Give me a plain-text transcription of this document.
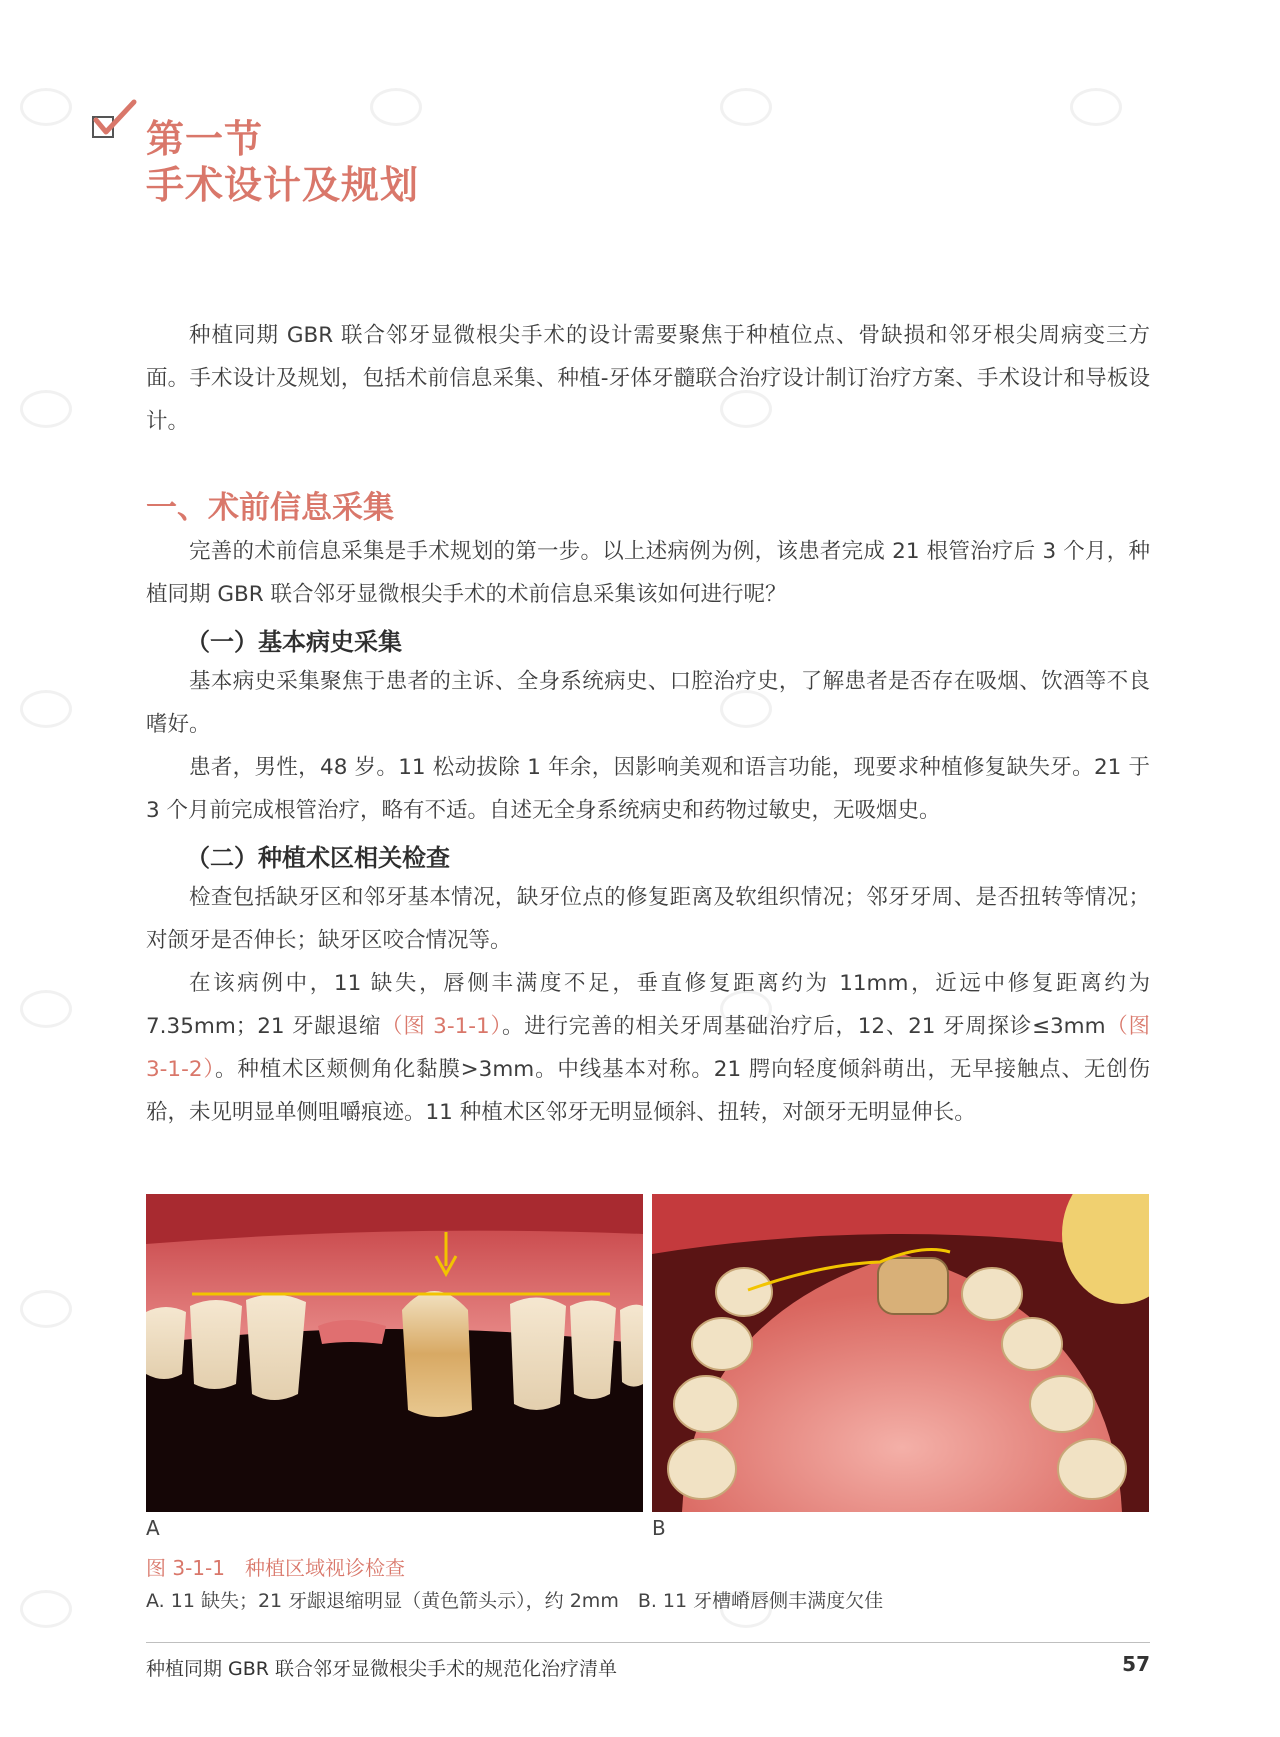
第一节
手术设计及规划
种植同期 GBR 联合邻牙显微根尖手术的设计需要聚焦于种植位点、骨缺损和邻牙根尖周病变三方面。手术设计及规划，包括术前信息采集、种植-牙体牙髓联合治疗设计制订治疗方案、手术设计和导板设计。
一、术前信息采集
完善的术前信息采集是手术规划的第一步。以上述病例为例，该患者完成 21 根管治疗后 3 个月，种植同期 GBR 联合邻牙显微根尖手术的术前信息采集该如何进行呢？
（一）基本病史采集
基本病史采集聚焦于患者的主诉、全身系统病史、口腔治疗史，了解患者是否存在吸烟、饮酒等不良嗜好。
患者，男性，48 岁。11 松动拔除 1 年余，因影响美观和语言功能，现要求种植修复缺失牙。21 于 3 个月前完成根管治疗，略有不适。自述无全身系统病史和药物过敏史，无吸烟史。
（二）种植术区相关检查
检查包括缺牙区和邻牙基本情况，缺牙位点的修复距离及软组织情况；邻牙牙周、是否扭转等情况；对颌牙是否伸长；缺牙区咬合情况等。
在该病例中，11 缺失，唇侧丰满度不足，垂直修复距离约为 11mm，近远中修复距离约为 7.35mm；21 牙龈退缩（图 3-1-1）。进行完善的相关牙周基础治疗后，12、21 牙周探诊≤3mm（图 3-1-2）。种植术区颊侧角化黏膜>3mm。中线基本对称。21 腭向轻度倾斜萌出，无早接触点、无创伤𬌗，未见明显单侧咀嚼痕迹。11 种植术区邻牙无明显倾斜、扭转，对颌牙无明显伸长。
A	B
图 3-1-1　种植区域视诊检查
A. 11 缺失；21 牙龈退缩明显（黄色箭头示），约 2mm　B. 11 牙槽嵴唇侧丰满度欠佳
种植同期 GBR 联合邻牙显微根尖手术的规范化治疗清单	57
